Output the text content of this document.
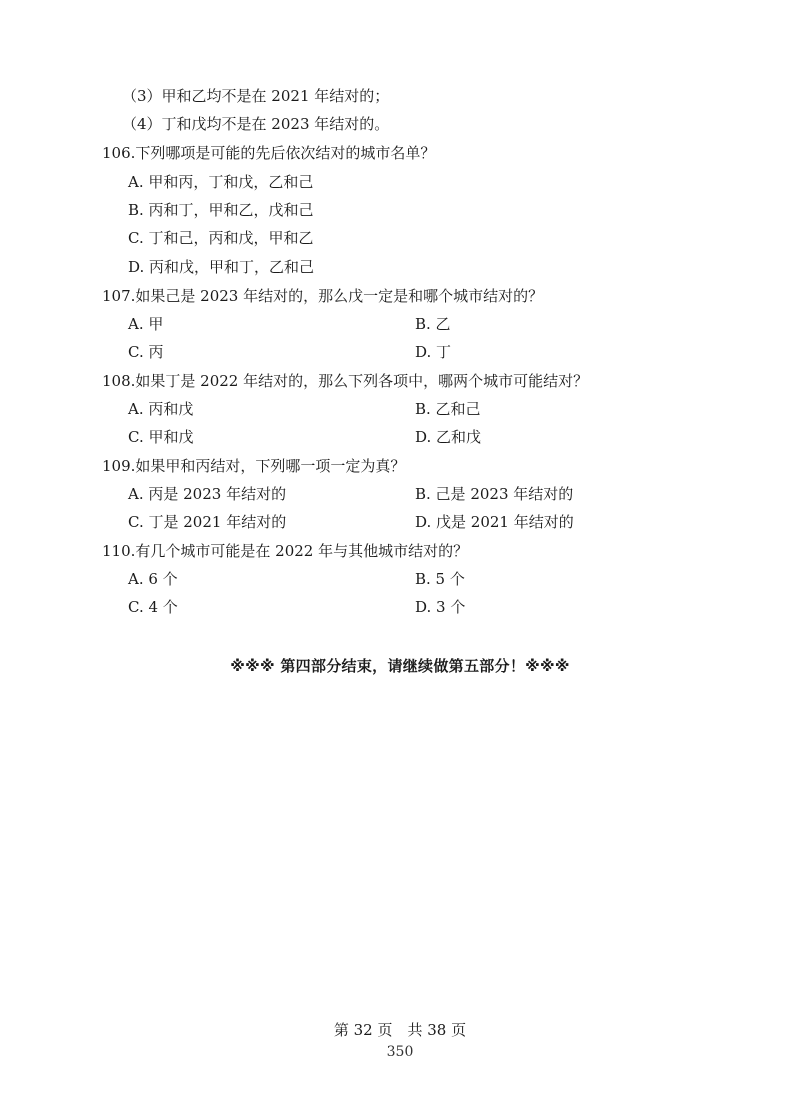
（3）甲和乙均不是在 2021 年结对的；
（4）丁和戊均不是在 2023 年结对的。
106.下列哪项是可能的先后依次结对的城市名单？
A. 甲和丙，丁和戊，乙和己
B. 丙和丁，甲和乙，戊和己
C. 丁和己，丙和戊，甲和乙
D. 丙和戊，甲和丁，乙和己
107.如果己是 2023 年结对的，那么戊一定是和哪个城市结对的？
A. 甲	B. 乙
C. 丙	D. 丁
108.如果丁是 2022 年结对的，那么下列各项中，哪两个城市可能结对？
A. 丙和戊	B. 乙和己
C. 甲和戊	D. 乙和戊
109.如果甲和丙结对，下列哪一项一定为真？
A. 丙是 2023 年结对的	B. 己是 2023 年结对的
C. 丁是 2021 年结对的	D. 戊是 2021 年结对的
110.有几个城市可能是在 2022 年与其他城市结对的？
A. 6 个	B. 5 个
C. 4 个	D. 3 个
※※※ 第四部分结束，请继续做第五部分！※※※
第 32 页　共 38 页
350
